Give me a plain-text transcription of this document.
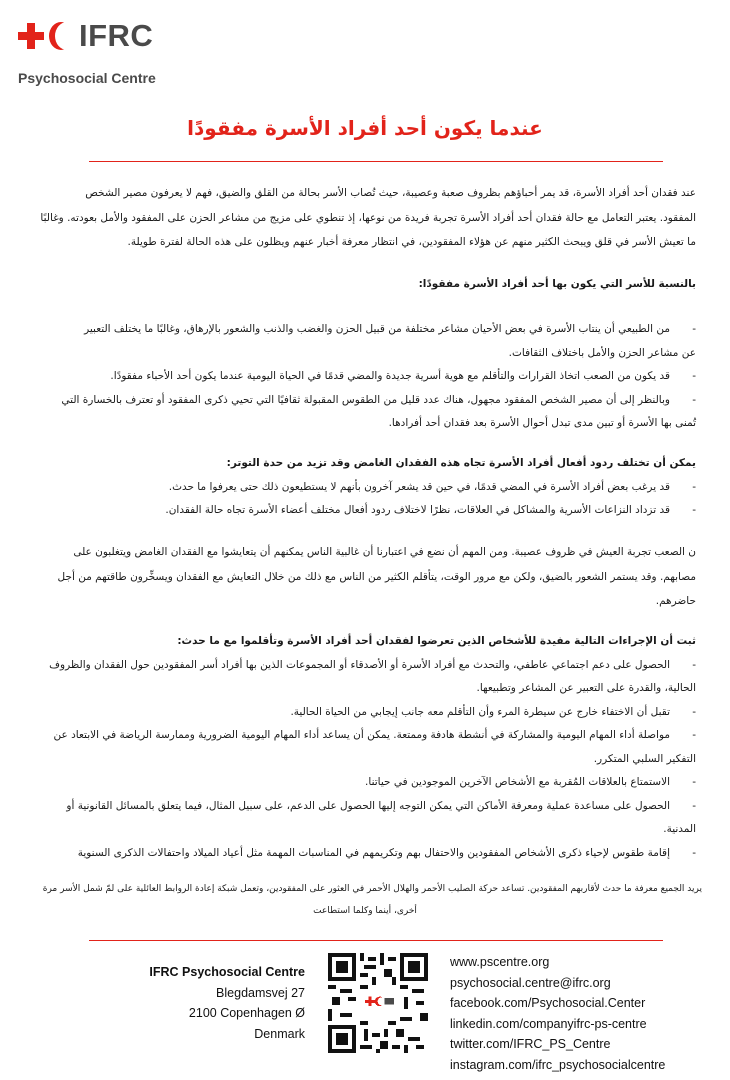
IFRC
Psychosocial Centre
عندما يكون أحد أفراد الأسرة مفقودًا

عند فقدان أحد أفراد الأسرة، قد يمر أحباؤهم بظروف صعبة وعصيبة، حيث تُصاب الأسر بحالة من القلق والضيق، فهم لا يعرفون مصير الشخص

المفقود. يعتبر التعامل مع حالة فقدان أحد أفراد الأسرة تجربة فريدة من نوعها، إذ تنطوي على مزيج من مشاعر الحزن على المفقود والأمل بعودته. وغالبًا

ما تعيش الأسر في قلق ويبحث الكثير منهم عن هؤلاء المفقودين، في انتظار معرفة أخبار عنهم ويظلون على هذه الحالة لفترة طويلة.

بالنسبة للأسر التي يكون بها أحد أفراد الأسرة مفقودًا:

-من الطبيعي أن ينتاب الأسرة في بعض الأحيان مشاعر مختلفة من قبيل الحزن والغضب والذنب والشعور بالإرهاق، وغالبًا ما يختلف التعبير

عن مشاعر الحزن والأمل باختلاف الثقافات.

-قد يكون من الصعب اتخاذ القرارات والتأقلم مع هوية أسرية جديدة والمضي قدمًا في الحياة اليومية عندما يكون أحد الأحباء مفقودًا.

-وبالنظر إلى أن مصير الشخص المفقود مجهول، هناك عدد قليل من الطقوس المقبولة ثقافيًا التي تحيي ذكرى المفقود أو تعترف بالخسارة التي

تُمنى بها الأسرة أو تبين مدى تبدل أحوال الأسرة بعد فقدان أحد أفرادها.

يمكن أن تختلف ردود أفعال أفراد الأسرة تجاه هذه الفقدان الغامض وقد تزيد من حدة التوتر:

-قد يرغب بعض أفراد الأسرة في المضي قدمًا، في حين قد يشعر آخرون بأنهم لا يستطيعون ذلك حتى يعرفوا ما حدث.

-قد تزداد النزاعات الأسرية والمشاكل في العلاقات، نظرًا لاختلاف ردود أفعال مختلف أعضاء الأسرة تجاه حالة الفقدان.

ن الصعب تجربة العيش في ظروف عصيبة. ومن المهم أن نضع في اعتبارنا أن غالبية الناس يمكنهم أن يتعايشوا مع الفقدان الغامض ويتغلبون على

مصابهم. وقد يستمر الشعور بالضيق، ولكن مع مرور الوقت، يتأقلم الكثير من الناس مع ذلك من خلال التعايش مع الفقدان ويسخِّرون طاقتهم من أجل

حاضرهم.

ثبت أن الإجراءات التالية مفيدة للأشخاص الذين تعرضوا لفقدان أحد أفراد الأسرة وتأقلموا مع ما حدث:

-الحصول على دعم اجتماعي عاطفي، والتحدث مع أفراد الأسرة أو الأصدقاء أو المجموعات الذين بها أفراد أسر المفقودين حول الفقدان والظروف

الحالية، والقدرة على التعبير عن المشاعر وتطبيعها.

-تقبل أن الاختفاء خارج عن سيطرة المرء وأن التأقلم معه جانب إيجابي من الحياة الحالية.

-مواصلة أداء المهام اليومية والمشاركة في أنشطة هادفة وممتعة. يمكن أن يساعد أداء المهام اليومية الضرورية وممارسة الرياضة في الابتعاد عن

التفكير السلبي المتكرر.

-الاستمتاع بالعلاقات المُقربة مع الأشخاص الآخرين الموجودين في حياتنا.

-الحصول على مساعدة عملية ومعرفة الأماكن التي يمكن التوجه إليها الحصول على الدعم، على سبيل المثال، فيما يتعلق بالمسائل القانونية أو

المدنية.

-إقامة طقوس لإحياء ذكرى الأشخاص المفقودين والاحتفال بهم وتكريمهم في المناسبات المهمة مثل أعياد الميلاد واحتفالات الذكرى السنوية

يريد الجميع معرفة ما حدث لأقاربهم المفقودين. تساعد حركة الصليب الأحمر والهلال الأحمر في العثور على المفقودين، وتعمل شبكة إعادة الروابط العائلية على لمّ شمل الأسر مرة

أخرى، أينما وكلما استطاعت

IFRC Psychosocial Centre
Blegdamsvej 27
2100 Copenhagen Ø
Denmark
www.pscentre.org
psychosocial.centre@ifrc.org
facebook.com/Psychosocial.Center
linkedin.com/companyifrc-ps-centre
twitter.com/IFRC_PS_Centre
instagram.com/ifrc_psychosocialcentre
